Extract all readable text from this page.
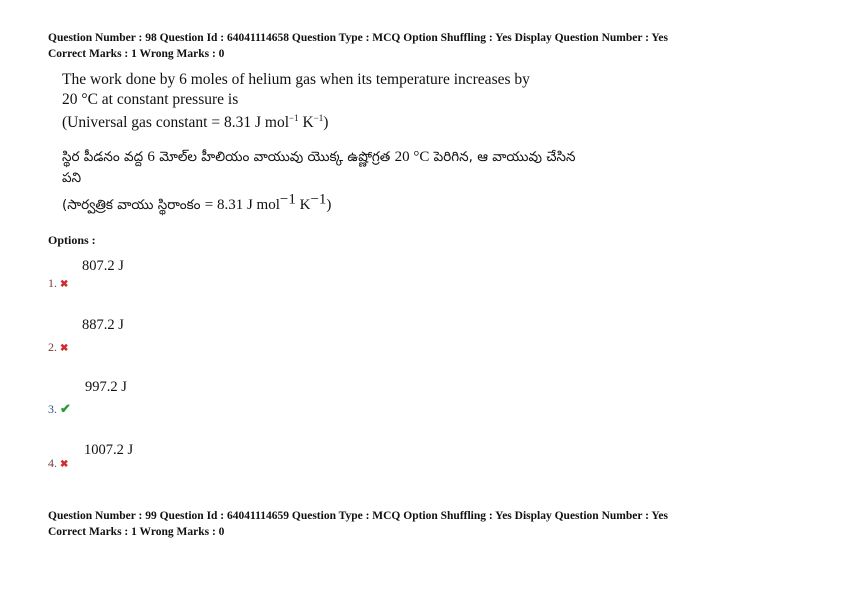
Question Number : 98 Question Id : 64041114658 Question Type : MCQ Option Shuffling : Yes Display Question Number : Yes
Correct Marks : 1 Wrong Marks : 0
The work done by 6 moles of helium gas when its temperature increases by
20 °C at constant pressure is
(Universal gas constant = 8.31 J mol$^{-1}$ $K^{-1}$)
స్థిర పీడనం వద్ద 6 మోల్‌ల హీలియం వాయువు యొక్క ఉష్ణోగ్రత 20 °C పెరిగిన, ఆ వాయువు చేసిన
పని
(సార్వత్రిక వాయు స్థిరాంకం = 8.31 J mol$^{-1}$ $K^{-1}$)
Options :
807.2 J
1. ✖
887.2 J
2. ✖
997.2 J
3. ✔
1007.2 J
4. ✖
Question Number : 99 Question Id : 64041114659 Question Type : MCQ Option Shuffling : Yes Display Question Number : Yes
Correct Marks : 1 Wrong Marks : 0
